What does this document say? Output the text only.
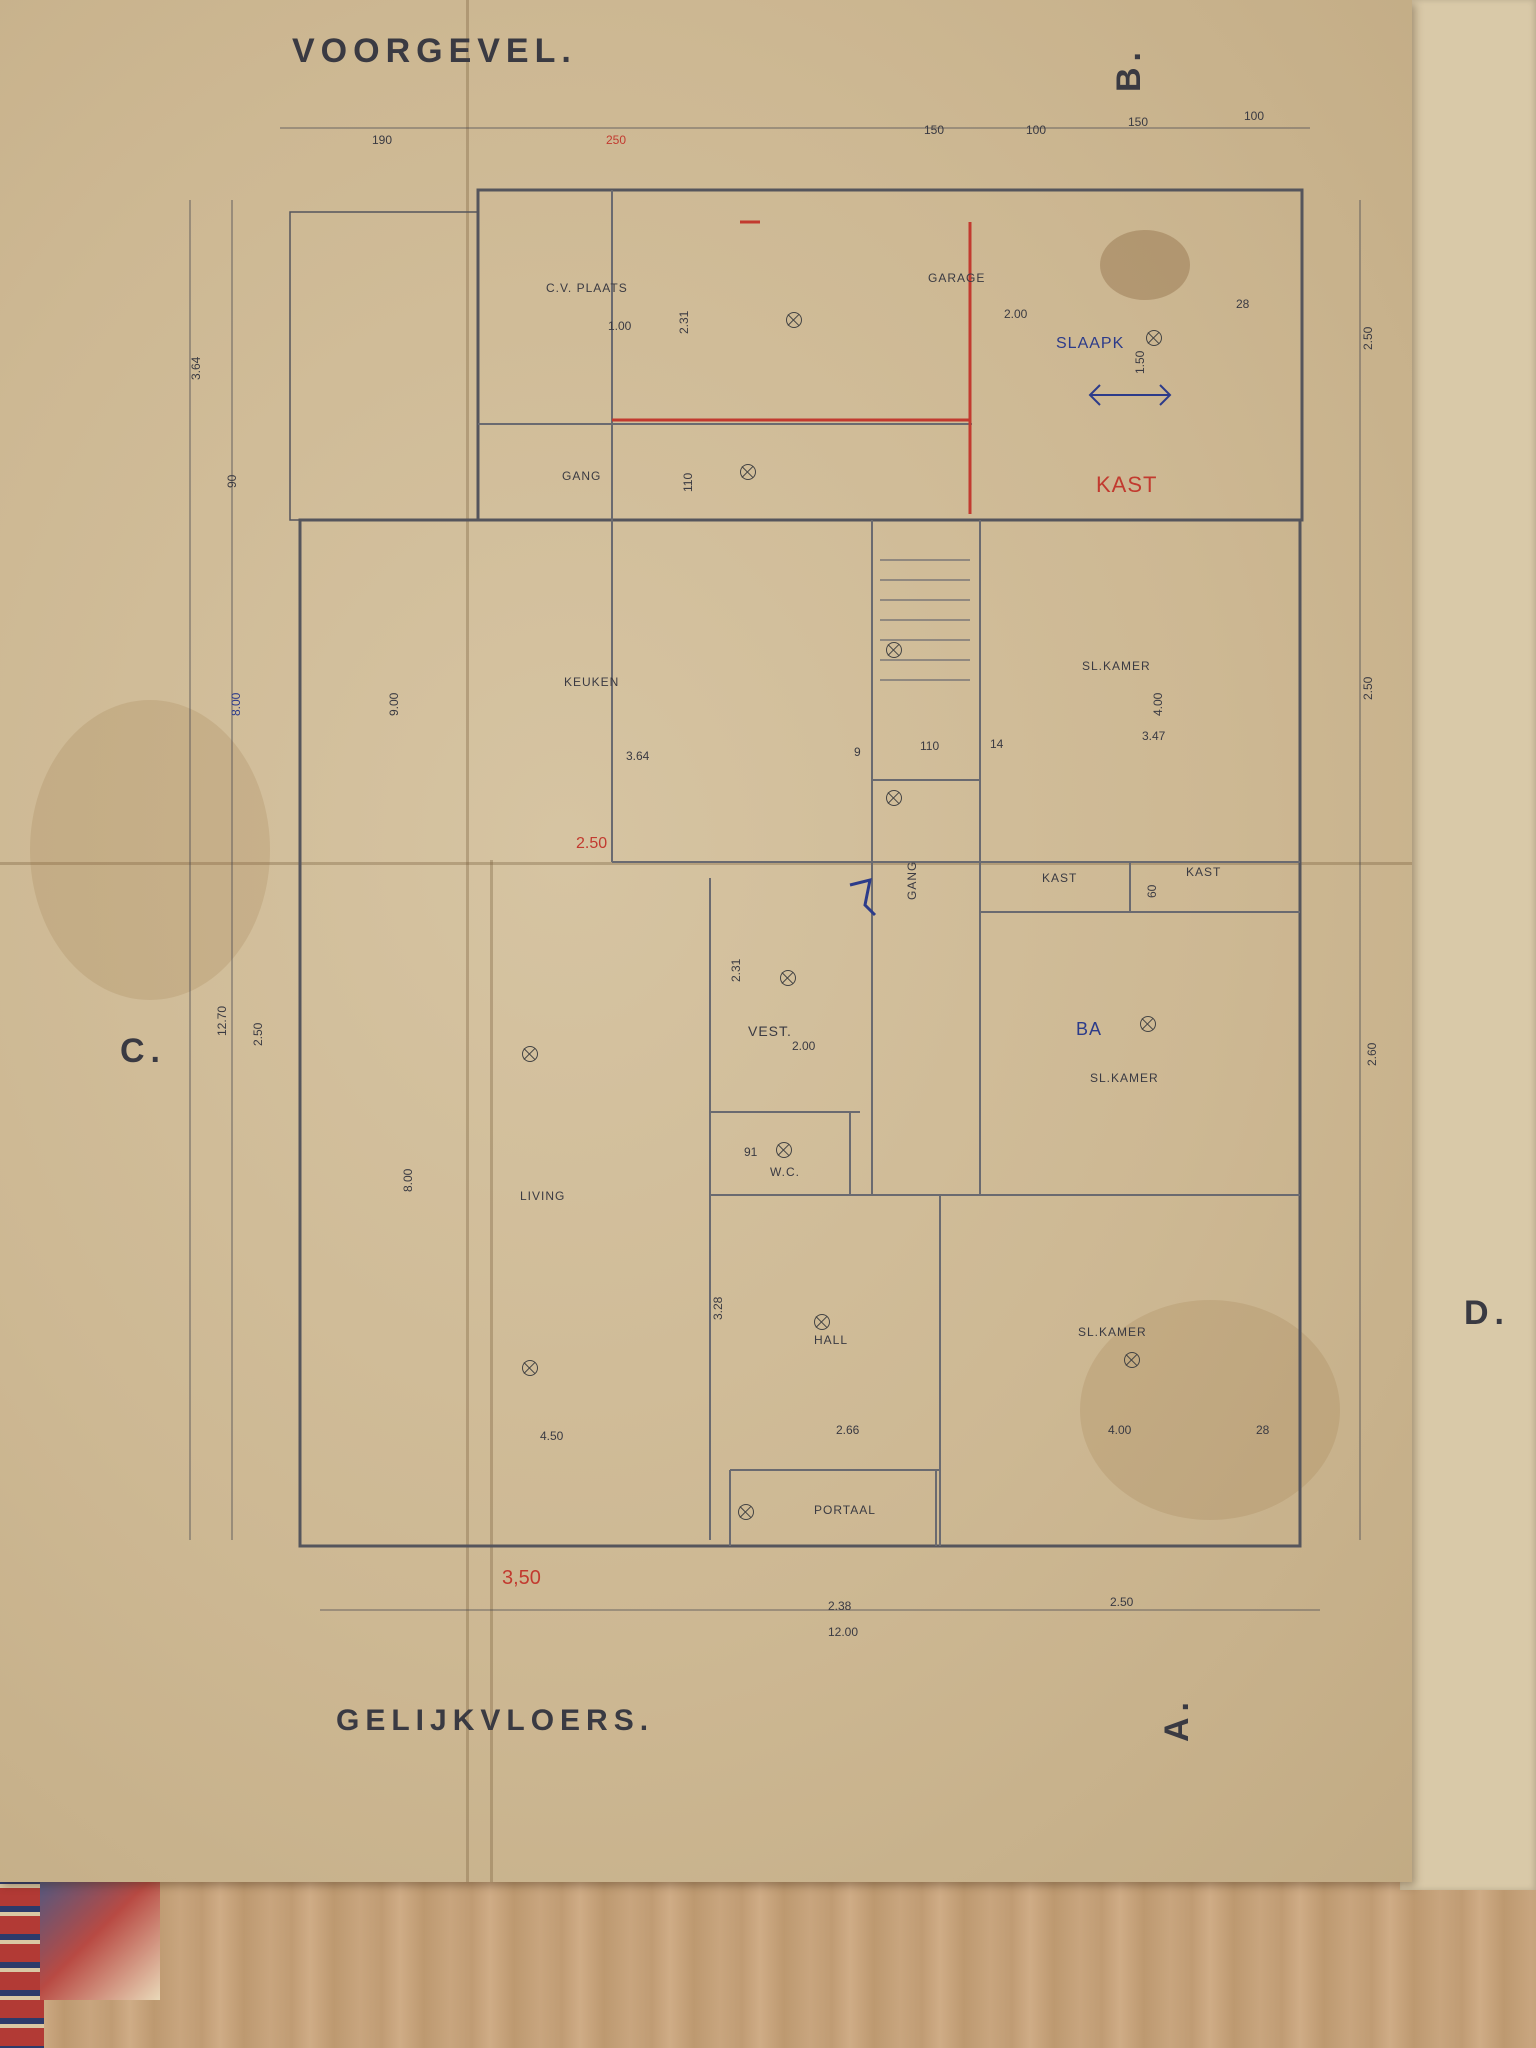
VOORGEVEL.
GELIJKVLOERS.
B.
A.
C.
D.
C.V. PLAATS
GARAGE
SLAAPK
KAST
GANG
KEUKEN
SL.KAMER
KAST	KAST
GANG
VEST.	BA
SL.KAMER
W.C.
LIVING
HALL
SL.KAMER
PORTAAL
190	250
150	100
150	100
3.64
90
8.00
12.70 2.50
2.50
2.50
2.60
2.38
12.00
2.50
3,50
2.50
1.00	2.31
110
2.00
28
1.50
9.00
3.64
3.47
110	14
9
4.00
2.31
2.00
91
8.00
4.50	2.66	4.00	28
60
3.28
